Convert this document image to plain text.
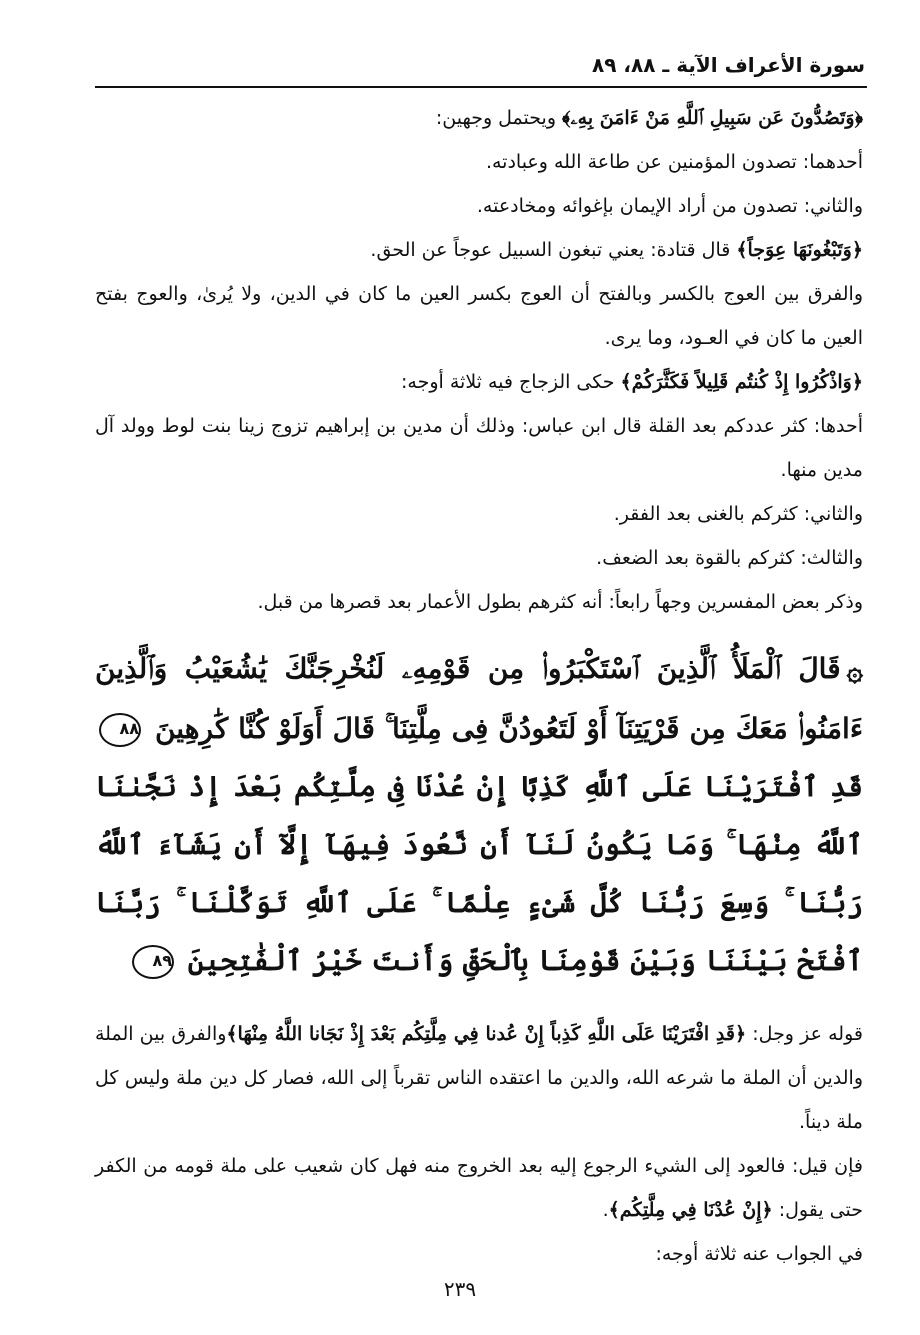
سورة الأعراف الآية ـ ٨٨، ٨٩

﴿وَتَصُدُّونَ عَن سَبِيلِ ٱللَّهِ مَنْ ءَامَنَ بِهِۦ﴾ ويحتمل وجهين:

أحدهما: تصدون المؤمنين عن طاعة الله وعبادته.

والثاني: تصدون من أراد الإيمان بإغوائه ومخادعته.

﴿وَتَبْغُونَهَا عِوَجاً﴾ قال قتادة: يعني تبغون السبيل عوجاً عن الحق.

والفرق بين العوج بالكسر وبالفتح أن العوج بكسر العين ما كان في الدين، ولا يُرىٰ، والعوج بفتح العين ما كان في العـود، وما يرى.

﴿وَاذْكُرُوا إِذْ كُنتُم قَلِيلاً فَكَثَّرَكُمْ﴾ حكى الزجاج فيه ثلاثة أوجه:

أحدها: كثر عددكم بعد القلة قال ابن عباس: وذلك أن مدين بن إبراهيم تزوج زينا بنت لوط وولد آل مدين منها.

والثاني: كثركم بالغنى بعد الفقر.

والثالث: كثركم بالقوة بعد الضعف.

وذكر بعض المفسرين وجهاً رابعاً: أنه كثرهم بطول الأعمار بعد قصرها من قبل.

۞قَالَ ٱلْمَلَأُ ٱلَّذِينَ ٱسْتَكْبَرُوا۟ مِن قَوْمِهِۦ لَنُخْرِجَنَّكَ يَٰشُعَيْبُ وَٱلَّذِينَ ءَامَنُوا۟ مَعَكَ مِن قَرْيَتِنَآ أَوْ لَتَعُودُنَّ فِى مِلَّتِنَا ۚ قَالَ أَوَلَوْ كُنَّا كَٰرِهِينَ ٨٨ قَدِ ٱفْتَرَيْنَا عَلَى ٱللَّهِ كَذِبًا إِنْ عُدْنَا فِى مِلَّتِكُم بَعْدَ إِذْ نَجَّىٰنَا ٱللَّهُ مِنْهَا ۚ وَمَا يَكُونُ لَنَآ أَن نَّعُودَ فِيهَآ إِلَّآ أَن يَشَآءَ ٱللَّهُ رَبُّنَا ۚ وَسِعَ رَبُّنَا كُلَّ شَىْءٍ عِلْمًا ۚ عَلَى ٱللَّهِ تَوَكَّلْنَا ۚ رَبَّنَا ٱفْتَحْ بَيْنَنَا وَبَيْنَ قَوْمِنَا بِٱلْحَقِّ وَأَنتَ خَيْرُ ٱلْفَٰتِحِينَ ٨٩

قوله عز وجل: ﴿قَدِ افْتَرَيْنَا عَلَى اللَّهِ كَذِباً إِنْ عُدنا فِي مِلَّتِكُم بَعْدَ إِذْ نَجَانا اللَّهُ مِنْهَا﴾والفرق بين الملة والدين أن الملة ما شرعه الله، والدين ما اعتقده الناس تقرباً إلى الله، فصار كل دين ملة وليس كل ملة ديناً.

فإن قيل: فالعود إلى الشيء الرجوع إليه بعد الخروج منه فهل كان شعيب على ملة قومه من الكفر حتى يقول: ﴿إِنْ عُدْنَا فِي مِلَّتِكُم﴾.

في الجواب عنه ثلاثة أوجه:

٢٣٩
